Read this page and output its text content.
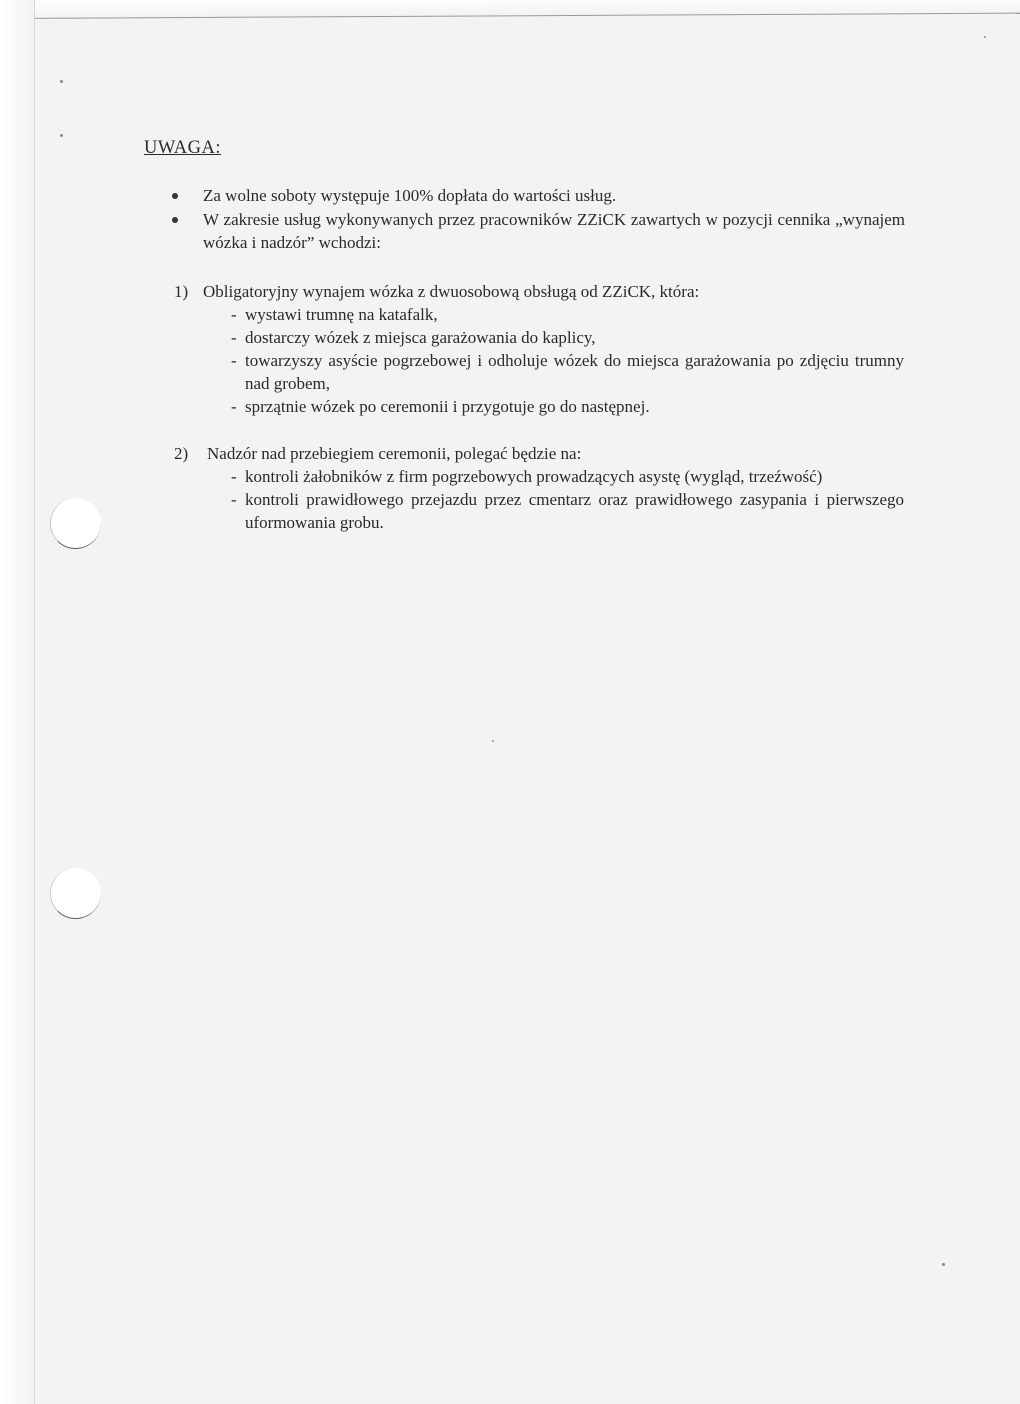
UWAGA:
Za wolne soboty występuje 100% dopłata do wartości usług.
W zakresie usług wykonywanych przez pracowników ZZiCK zawartych w pozycji cennika „wynajem wózka i nadzór” wchodzi:
1) Obligatoryjny wynajem wózka z dwuosobową obsługą od ZZiCK, która:
- wystawi trumnę na katafalk,
- dostarczy wózek z miejsca garażowania do kaplicy,
- towarzyszy asyście pogrzebowej i odholuje wózek do miejsca garażowania po zdjęciu trumny nad grobem,
- sprzątnie wózek po ceremonii i przygotuje go do następnej.
2) Nadzór nad przebiegiem ceremonii, polegać będzie na:
- kontroli żałobników z firm pogrzebowych prowadzących asystę (wygląd, trzeźwość)
- kontroli prawidłowego przejazdu przez cmentarz oraz prawidłowego zasypania i pierwszego uformowania grobu.
